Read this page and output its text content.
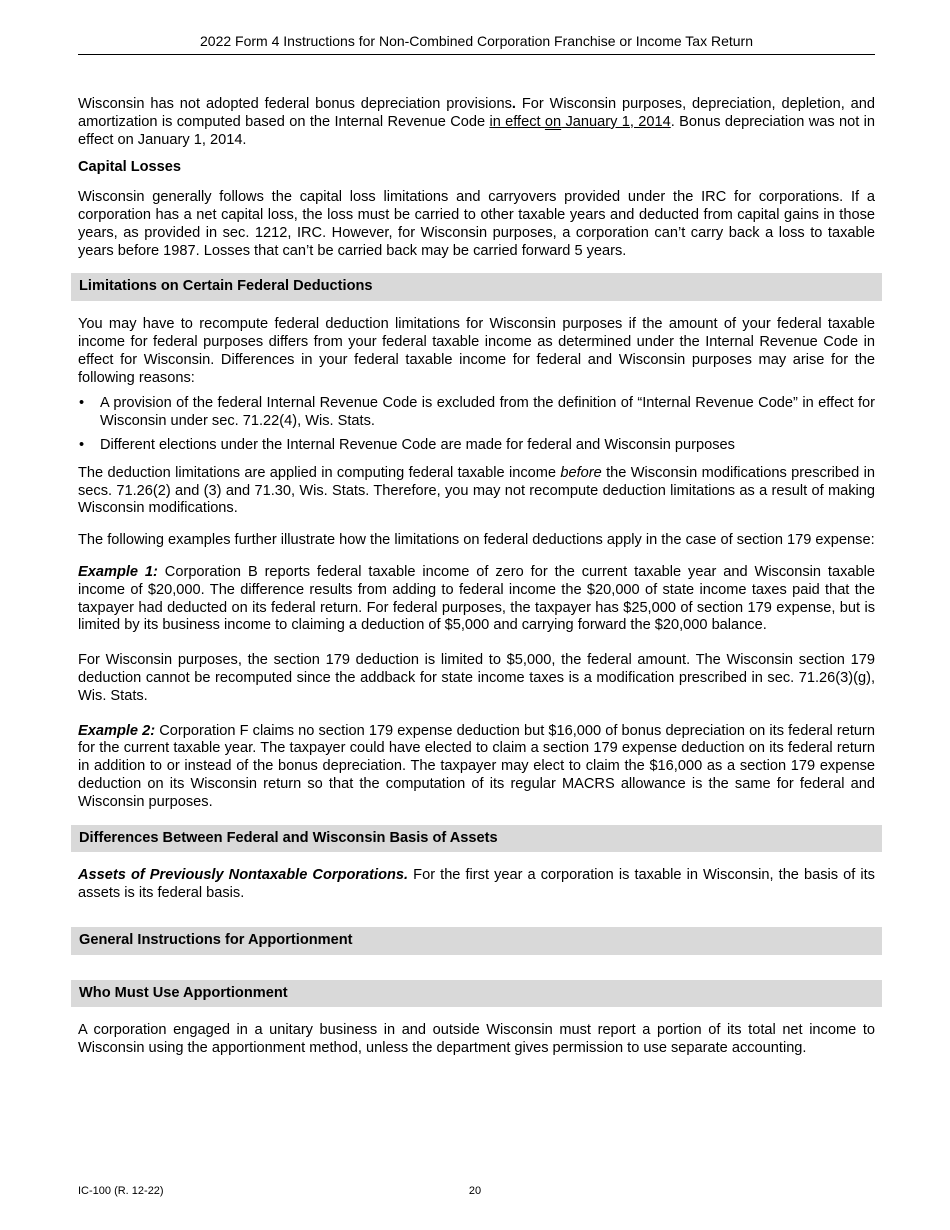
2022 Form 4 Instructions for Non-Combined Corporation Franchise or Income Tax Return

Wisconsin has not adopted federal bonus depreciation provisions. For Wisconsin purposes, depreciation, depletion, and amortization is computed based on the Internal Revenue Code in effect on January 1, 2014. Bonus depreciation was not in effect on January 1, 2014.

Capital Losses

Wisconsin generally follows the capital loss limitations and carryovers provided under the IRC for corporations. If a corporation has a net capital loss, the loss must be carried to other taxable years and deducted from capital gains in those years, as provided in sec. 1212, IRC. However, for Wisconsin purposes, a corporation can’t carry back a loss to taxable years before 1987. Losses that can’t be carried back may be carried forward 5 years.

Limitations on Certain Federal Deductions

You may have to recompute federal deduction limitations for Wisconsin purposes if the amount of your federal taxable income for federal purposes differs from your federal taxable income as determined under the Internal Revenue Code in effect for Wisconsin. Differences in your federal taxable income for federal and Wisconsin purposes may arise for the following reasons:

• A provision of the federal Internal Revenue Code is excluded from the definition of “Internal Revenue Code” in effect for Wisconsin under sec. 71.22(4), Wis. Stats.
• Different elections under the Internal Revenue Code are made for federal and Wisconsin purposes

The deduction limitations are applied in computing federal taxable income before the Wisconsin modifications prescribed in secs. 71.26(2) and (3) and 71.30, Wis. Stats. Therefore, you may not recompute deduction limitations as a result of making Wisconsin modifications.

The following examples further illustrate how the limitations on federal deductions apply in the case of section 179 expense:

Example 1: Corporation B reports federal taxable income of zero for the current taxable year and Wisconsin taxable income of $20,000. The difference results from adding to federal income the $20,000 of state income taxes paid that the taxpayer had deducted on its federal return. For federal purposes, the taxpayer has $25,000 of section 179 expense, but is limited by its business income to claiming a deduction of $5,000 and carrying forward the $20,000 balance.

For Wisconsin purposes, the section 179 deduction is limited to $5,000, the federal amount. The Wisconsin section 179 deduction cannot be recomputed since the addback for state income taxes is a modification prescribed in sec. 71.26(3)(g), Wis. Stats.

Example 2: Corporation F claims no section 179 expense deduction but $16,000 of bonus depreciation on its federal return for the current taxable year. The taxpayer could have elected to claim a section 179 expense deduction on its federal return in addition to or instead of the bonus depreciation. The taxpayer may elect to claim the $16,000 as a section 179 expense deduction on its Wisconsin return so that the computation of its regular MACRS allowance is the same for federal and Wisconsin purposes.

Differences Between Federal and Wisconsin Basis of Assets

Assets of Previously Nontaxable Corporations. For the first year a corporation is taxable in Wisconsin, the basis of its assets is its federal basis.

General Instructions for Apportionment
Who Must Use Apportionment

A corporation engaged in a unitary business in and outside Wisconsin must report a portion of its total net income to Wisconsin using the apportionment method, unless the department gives permission to use separate accounting.

IC-100 (R. 12-22)	20
